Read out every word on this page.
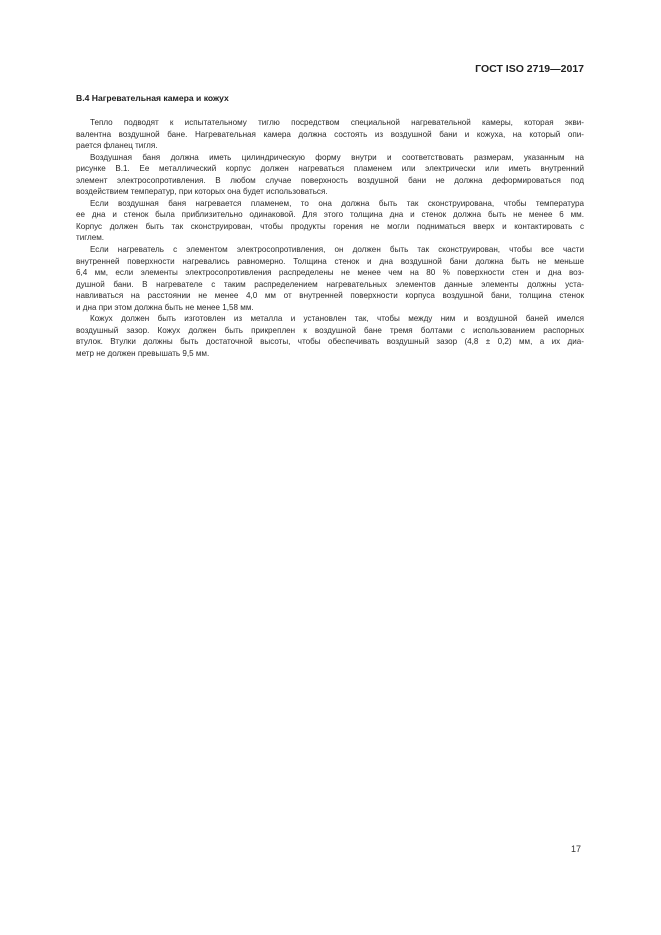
ГОСТ ISO 2719—2017
В.4 Нагревательная камера и кожух
Тепло подводят к испытательному тиглю посредством специальной нагревательной камеры, которая экви-
валентна воздушной бане. Нагревательная камера должна состоять из воздушной бани и кожуха, на который опи-
рается фланец тигля.
Воздушная баня должна иметь цилиндрическую форму внутри и соответствовать размерам, указанным на
рисунке В.1. Ее металлический корпус должен нагреваться пламенем или электрически или иметь внутренний
элемент электросопротивления. В любом случае поверхность воздушной бани не должна деформироваться под
воздействием температур, при которых она будет использоваться.
Если воздушная баня нагревается пламенем, то она должна быть так сконструирована, чтобы температура
ее дна и стенок была приблизительно одинаковой. Для этого толщина дна и стенок должна быть не менее 6 мм.
Корпус должен быть так сконструирован, чтобы продукты горения не могли подниматься вверх и контактировать с
тиглем.
Если нагреватель с элементом электросопротивления, он должен быть так сконструирован, чтобы все части
внутренней поверхности нагревались равномерно. Толщина стенок и дна воздушной бани должна быть не меньше
6,4 мм, если элементы электросопротивления распределены не менее чем на 80 % поверхности стен и дна воз-
душной бани. В нагревателе с таким распределением нагревательных элементов данные элементы должны уста-
навливаться на расстоянии не менее 4,0 мм от внутренней поверхности корпуса воздушной бани, толщина стенок
и дна при этом должна быть не менее 1,58 мм.
Кожух должен быть изготовлен из металла и установлен так, чтобы между ним и воздушной баней имелся
воздушный зазор. Кожух должен быть прикреплен к воздушной бане тремя болтами с использованием распорных
втулок. Втулки должны быть достаточной высоты, чтобы обеспечивать воздушный зазор (4,8 ± 0,2) мм, а их диа-
метр не должен превышать 9,5 мм.
17
